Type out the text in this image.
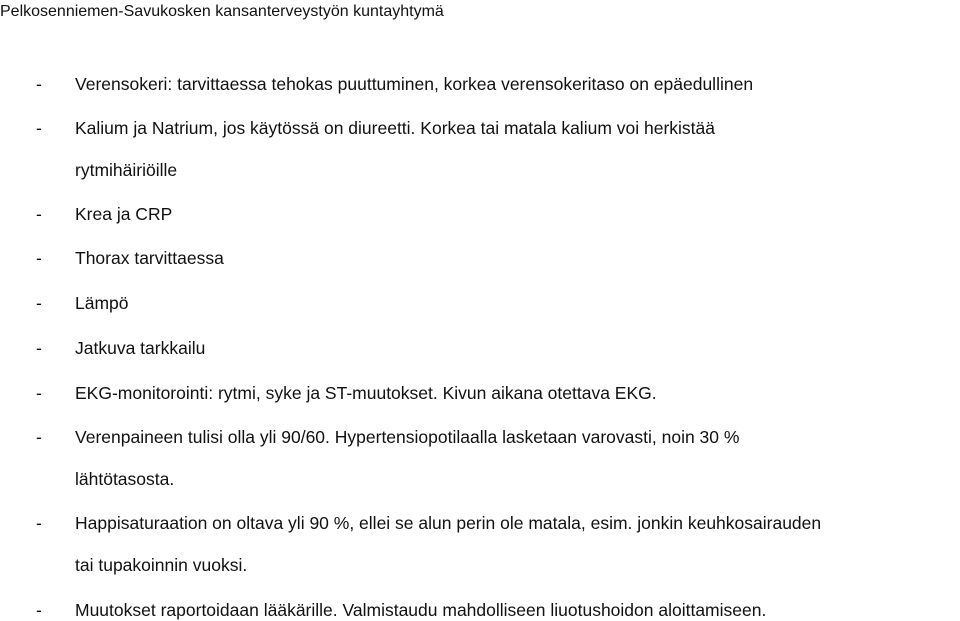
Pelkosenniemen-Savukosken kansanterveystyön kuntayhtymä
- Verensokeri: tarvittaessa tehokas puuttuminen, korkea verensokeritaso on epäedullinen
- Kalium ja Natrium, jos käytössä on diureetti. Korkea tai matala kalium voi herkistää
rytmihäiriöille
- Krea ja CRP
- Thorax tarvittaessa
- Lämpö
- Jatkuva tarkkailu
- EKG-monitorointi: rytmi, syke ja ST-muutokset. Kivun aikana otettava EKG.
- Verenpaineen tulisi olla yli 90/60. Hypertensiopotilaalla lasketaan varovasti, noin 30 %
lähtötasosta.
- Happisaturaation on oltava yli 90 %, ellei se alun perin ole matala, esim. jonkin keuhkosairauden
tai tupakoinnin vuoksi.
- Muutokset raportoidaan lääkärille. Valmistaudu mahdolliseen liuotushoidon aloittamiseen.
